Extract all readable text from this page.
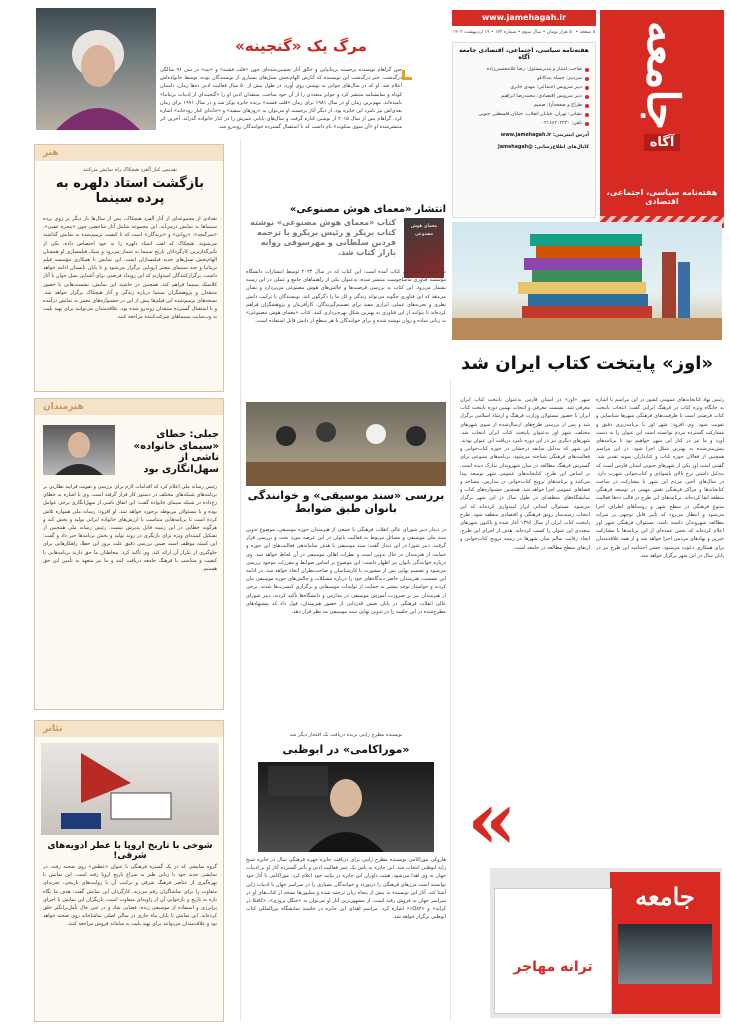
جامعه
آگاه
هفته‌نامه سیاسی، اجتماعی، اقتصادی
www.jamehagah.ir
۸ صفحه • ۵۰ هزار تومان • سال سوم • شماره ۱۷۲ • ۱۹ اردیبهشت ۱۴۰۲
هفته‌نامه سیاسی، اجتماعی، اقتصادی جامعه آگاه
صاحب امتیاز و مدیرمسئول: رضا غلامحسین‌زاده
سردبیر: جمیله بیدکانلو
دبیر سرویس اجتماعی: مهدی جابری
دبیر سرویس اقتصادی: محمدرضا ابراهیم
طراح و صفحه‌آرا: صمیم
نشانی: تهران، خیابان انقلاب، خیابان فلسطین جنوبی
تلفن: ۰۲۱۶۶۴۰۲۲۴۰
آدرس اینترنتی: www.jamehagah.ir
کانال‌های اطلاع‌رسانی: @Jamehagah
مرگ یک «گنجینه»
جین گراهام نویسنده برجسته بریتانیایی و خالق آثار تحسین‌شده‌ای چون «قلب فشنه» و «تپه» در سن ۹۶ سالگی درگذشت. خبر درگذشت این نویسنده که آثارش الهام‌بخش نسل‌های بسیاری از نویسندگان بوده، توسط خانواده‌اش اعلام شد. او که در سال‌های جوانی به نوشتن روی آورد، در طول بیش از ۵۰ سال فعالیت ادبی ده‌ها رمان، داستان کوتاه و نمایشنامه منتشر کرد و جوایز متعددی را از آن خود ساخت. منتقدان ادبی او را «گنجینه‌ای از ادبیات بریتانیا» نامیده‌اند. مهم‌ترین رمان او در سال ۱۹۸۱ برای رمان «قلب فشنه» برنده جایزه بوکر شد و در سال ۱۹۹۱ برای رمان بعدی‌اش نیز نامزد این جایزه بود. از دیگر آثار برجسته او می‌توان به «روزهای سفید» و «خانه‌ای کنار رودخانه» اشاره کرد. گراهام پس از سال ۲۰۱۵ از نوشتن کناره گرفت و سال‌های پایانی عمرش را در کنار خانواده گذراند. آخرین اثر منتشرشده او «آن سوی سکوت» نام داشت که با استقبال گسترده خوانندگان روبه‌رو شد.
هنر
تقدیمی کنار آلفرد هیچکاک راه نمایش می‌کنند
بازگشت استاد دلهره به پرده سینما
تعدادی از مجموعه‌ای از آثار آلفرد هیچکاک، پس از سال‌ها بار دیگر بر روی پرده سینماها به نمایش درمی‌آید. این مجموعه شامل آثار شاخصی چون «پنجره عقبی»، «سرگیجه»، «روانی» و «پرندگان» است که با کیفیت ترمیم‌شده به نمایش گذاشته می‌شوند. هیچکاک که لقب استاد دلهره را به خود اختصاص داده، یکی از تأثیرگذارترین کارگردانان تاریخ سینما به شمار می‌رود و سبک فیلمسازی او همچنان الهام‌بخش نسل‌های جدید فیلمسازان است. این نمایش با همکاری مؤسسه فیلم بریتانیا و چند سینمای معتبر اروپایی برگزار می‌شود و تا پایان تابستان ادامه خواهد داشت. برگزارکنندگان امیدوارند که این رویداد فرصتی برای آشنایی نسل جوان با آثار کلاسیک سینما فراهم کند. همچنین در حاشیه این نمایش، نشست‌هایی با حضور منتقدان و پژوهشگران سینما درباره زندگی و آثار هیچکاک برگزار خواهد شد. نسخه‌های ترمیم‌شده این فیلم‌ها پیش از این در جشنواره‌های معتبر به نمایش درآمده و با استقبال گسترده منتقدان روبه‌رو شده بود. علاقه‌مندان می‌توانند برای تهیه بلیت به وب‌سایت سینماهای شرکت‌کننده مراجعه کنند.
انتشار «معمای هوش مصنوعی»
کتاب «معمای هوش مصنوعی» نوشته کتاب بریکز و رئیس بریکزو با ترجمه فردین سلطانی و مهرسوفی روانه بازار کتاب شد.
معمای هوش مصنوعی
در معرفی ناشر این کتاب آمده است: این کتاب که در سال ۲۰۲۴ توسط انتشارات دانشگاه مؤسسه فناوری ماساچوست منتشر شده، به‌عنوان یکی از راهنماهای جامع و عملی در این زمینه بشمار می‌رود. این کتاب به بررسی فرصت‌ها و چالش‌های هوش مصنوعی می‌پردازد و نشان می‌دهد که این فناوری چگونه می‌تواند زندگی و کار ما را دگرگون کند. نویسندگان با ترکیب دانش نظری و تجربه‌های عملی، ابزاری مفید برای تصمیم‌گیرندگان، کارآفرینان و پژوهشگران فراهم کرده‌اند تا بتوانند از این فناوری به بهترین شکل بهره‌برداری کنند. کتاب «معمای هوش مصنوعی» به زبانی ساده و روان نوشته شده و برای خوانندگان با هر سطح از دانش قابل استفاده است.
«اوز» پایتخت کتاب ایران شد
شهر «اوز» در استان فارس به‌عنوان پایتخت کتاب ایران معرفی شد. نشست معرفی و انتخاب نهمین دوره پایتخت کتاب ایران با حضور مسئولان وزارت فرهنگ و ارشاد اسلامی برگزار شد و پس از بررسی طرح‌های ارسال‌شده از سوی شهرهای مختلف، شهر اوز به‌عنوان پایتخت کتاب ایران انتخاب شد. شهرهای دیگری نیز در این دوره نامزد دریافت این عنوان بودند. این شهر که به‌دلیل سابقه درخشان در حوزه کتاب‌خوانی و فعالیت‌های فرهنگی شناخته می‌شود، برنامه‌های متنوعی برای گسترش فرهنگ مطالعه در میان شهروندان تدارک دیده است. بر اساس این طرح، کتابخانه‌های عمومی شهر توسعه پیدا می‌کنند و برنامه‌های ترویج کتاب‌خوانی در مدارس، مساجد و فضاهای عمومی اجرا خواهد شد. همچنین جشنواره‌های کتاب و نمایشگاه‌های منطقه‌ای در طول سال در این شهر برگزار می‌شود. مسئولان استانی ابراز امیدواری کرده‌اند که این انتخاب زمینه‌ساز رونق فرهنگی و اقتصادی منطقه شود. طرح پایتخت کتاب ایران از سال ۱۳۹۶ آغاز شده و تاکنون شهرهای متعددی این عنوان را کسب کرده‌اند. هدف از اجرای این طرح، ایجاد رقابت سالم میان شهرها در زمینه ترویج کتاب‌خوانی و ارتقای سطح مطالعه در جامعه است.
رئیس نهاد کتابخانه‌های عمومی کشور در این مراسم با اشاره به جایگاه ویژه کتاب در فرهنگ ایرانی گفت: انتخاب پایتخت کتاب فرصتی است تا ظرفیت‌های فرهنگی شهرها شناسایی و تقویت شود. وی افزود: شهر اوز با برنامه‌ریزی دقیق و مشارکت گسترده مردم توانسته است این عنوان را به دست آورد و ما نیز در کنار این شهر خواهیم بود تا برنامه‌های پیش‌بینی‌شده به بهترین شکل اجرا شود. در این مراسم همچنین از فعالان حوزه کتاب و کتابداران نمونه تقدیر شد. گفتنی است اوز یکی از شهرهای جنوبی استان فارس است که به‌دلیل داشتن نرخ بالای باسوادی و کتاب‌خوانی شهرت دارد. در سال‌های اخیر، مردم این شهر با مشارکت در ساخت کتابخانه‌ها و مراکز فرهنگی نقش مهمی در توسعه فرهنگی منطقه ایفا کرده‌اند. برنامه‌های این طرح در قالب ده‌ها فعالیت متنوع فرهنگی در سطح شهر و روستاهای اطراف اجرا می‌شود و انتظار می‌رود که تأثیر قابل توجهی بر سرانه مطالعه شهروندان داشته باشد. مسئولان فرهنگی شهر اوز اعلام کرده‌اند که بخش عمده‌ای از این برنامه‌ها با مشارکت خیرین و نهادهای مردمی اجرا خواهد شد و از همه علاقه‌مندان برای همکاری دعوت می‌شود. جشن اختتامیه این طرح نیز در پایان سال در این شهر برگزار خواهد شد.
«
هنرمندان
جبلی: خطای «سیمای خانواده» ناشی از سهل‌انگاری بود
رئیس رسانه ملی اعلام کرد که اقدامات لازم برای بررسی و تقویت فرایند نظارتی بر برنامه‌های شبکه‌های مختلف در دستور کار قرار گرفته است. وی با اشاره به خطای رخ‌داده در شبکه سیمای خانواده گفت: این اتفاق ناشی از سهل‌انگاری برخی عوامل بوده و با مسئولان مربوطه برخورد خواهد شد. او افزود: رسانه ملی همواره تلاش کرده است تا برنامه‌هایی متناسب با ارزش‌های خانواده ایرانی تولید و پخش کند و هرگونه خطایی در این زمینه قابل پذیرش نیست. رئیس رسانه ملی همچنین از تشکیل کمیته‌ای ویژه برای بازنگری در روند تولید و پخش برنامه‌ها خبر داد و گفت: این کمیته موظف است ضمن بررسی دقیق علت بروز این خطا، راهکارهایی برای جلوگیری از تکرار آن ارائه کند. وی تأکید کرد: مخاطبان ما حق دارند برنامه‌هایی با کیفیت و متناسب با فرهنگ جامعه دریافت کنند و ما نیز متعهد به تأمین این حق هستیم.
بررسی «سند موسیقی» و خوانندگی بانوان طبق ضوابط
در دیدار دبیر شورای عالی انقلاب فرهنگی با جمعی از هنرمندان حوزه موسیقی، موضوع تدوین سند ملی موسیقی و مسائل مربوط به فعالیت بانوان در این عرصه مورد بحث و بررسی قرار گرفت. دبیر شورا در این دیدار گفت: سند موسیقی با هدف ساماندهی فعالیت‌های این حوزه و حمایت از هنرمندان در حال تدوین است و نظرات اهالی موسیقی در آن لحاظ خواهد شد. وی درباره خوانندگی بانوان نیز اظهار داشت: این موضوع بر اساس ضوابط و مقررات موجود بررسی می‌شود و تصمیم نهایی پس از مشورت با کارشناسان و صاحب‌نظران اتخاذ خواهد شد. در ادامه این نشست، هنرمندان حاضر دیدگاه‌های خود را درباره مشکلات و چالش‌های حوزه موسیقی بیان کردند و خواستار توجه بیشتر به حمایت از تولیدات موسیقایی و برگزاری کنسرت‌ها شدند. برخی از هنرمندان نیز بر ضرورت آموزش موسیقی در مدارس و دانشگاه‌ها تأکید کردند. دبیر شورای عالی انقلاب فرهنگی در پایان ضمن قدردانی از حضور هنرمندان، قول داد که پیشنهادهای مطرح‌شده در این جلسه را در تدوین نهایی سند موسیقی مد نظر قرار دهد.
تئاتر
شوخی با تاریخ اروپا با عطر ادویه‌های شرقی!
گروه نمایشی که در یک گستره فرهنگی با عنوان «عطش» روی صحنه رفته، در نمایشی جدید خود با زبانی طنز به سراغ تاریخ اروپا رفته است. این نمایش با بهره‌گیری از عناصر فرهنگ شرقی و ترکیب آن با روایت‌های تاریخی، تجربه‌ای متفاوت را برای تماشاگران رقم می‌زند. کارگردان این نمایش گفت: هدف ما نگاه تازه به تاریخ و بازخوانی آن از زاویه‌ای متفاوت است. بازیگران این نمایش با اجرای پرانرژی و استفاده از موسیقی زنده، فضایی شاد و در عین حال تأمل‌برانگیز خلق کرده‌اند. این نمایش تا پایان ماه جاری در سالن اصلی تماشاخانه روی صحنه خواهد بود و علاقه‌مندان می‌توانند برای تهیه بلیت به سامانه فروش مراجعه کنند.
نویسنده مطرح ژاپنی برنده دریافت یک افتخار دیگر شد
«موراکامی» در ابوظبی
هاروکی موراکامی نویسنده مطرح ژاپنی برای دریافت جایزه چهره فرهنگی سال در جایزه شیخ زاید ابوظبی انتخاب شد. این جایزه به پاس یک عمر فعالیت ادبی و تأثیر گسترده آثار او بر ادبیات جهان به وی اهدا می‌شود. هیئت داوران این جایزه در بیانیه خود اعلام کرد: موراکامی با آثار خود توانسته است مرزهای فرهنگی را درنوردد و خوانندگان بسیاری را در سراسر جهان با ادبیات ژاپن آشنا کند. آثار این نویسنده به بیش از پنجاه زبان ترجمه شده و میلیون‌ها نسخه از کتاب‌های او در سراسر جهان به فروش رفته است. از مشهورترین آثار او می‌توان به «جنگل نروژی»، «کافکا در کرانه» و «۱Q۸۴» اشاره کرد. مراسم اهدای این جایزه در حاشیه نمایشگاه بین‌المللی کتاب ابوظبی برگزار خواهد شد.
جامعه
ترانه مهاجر
